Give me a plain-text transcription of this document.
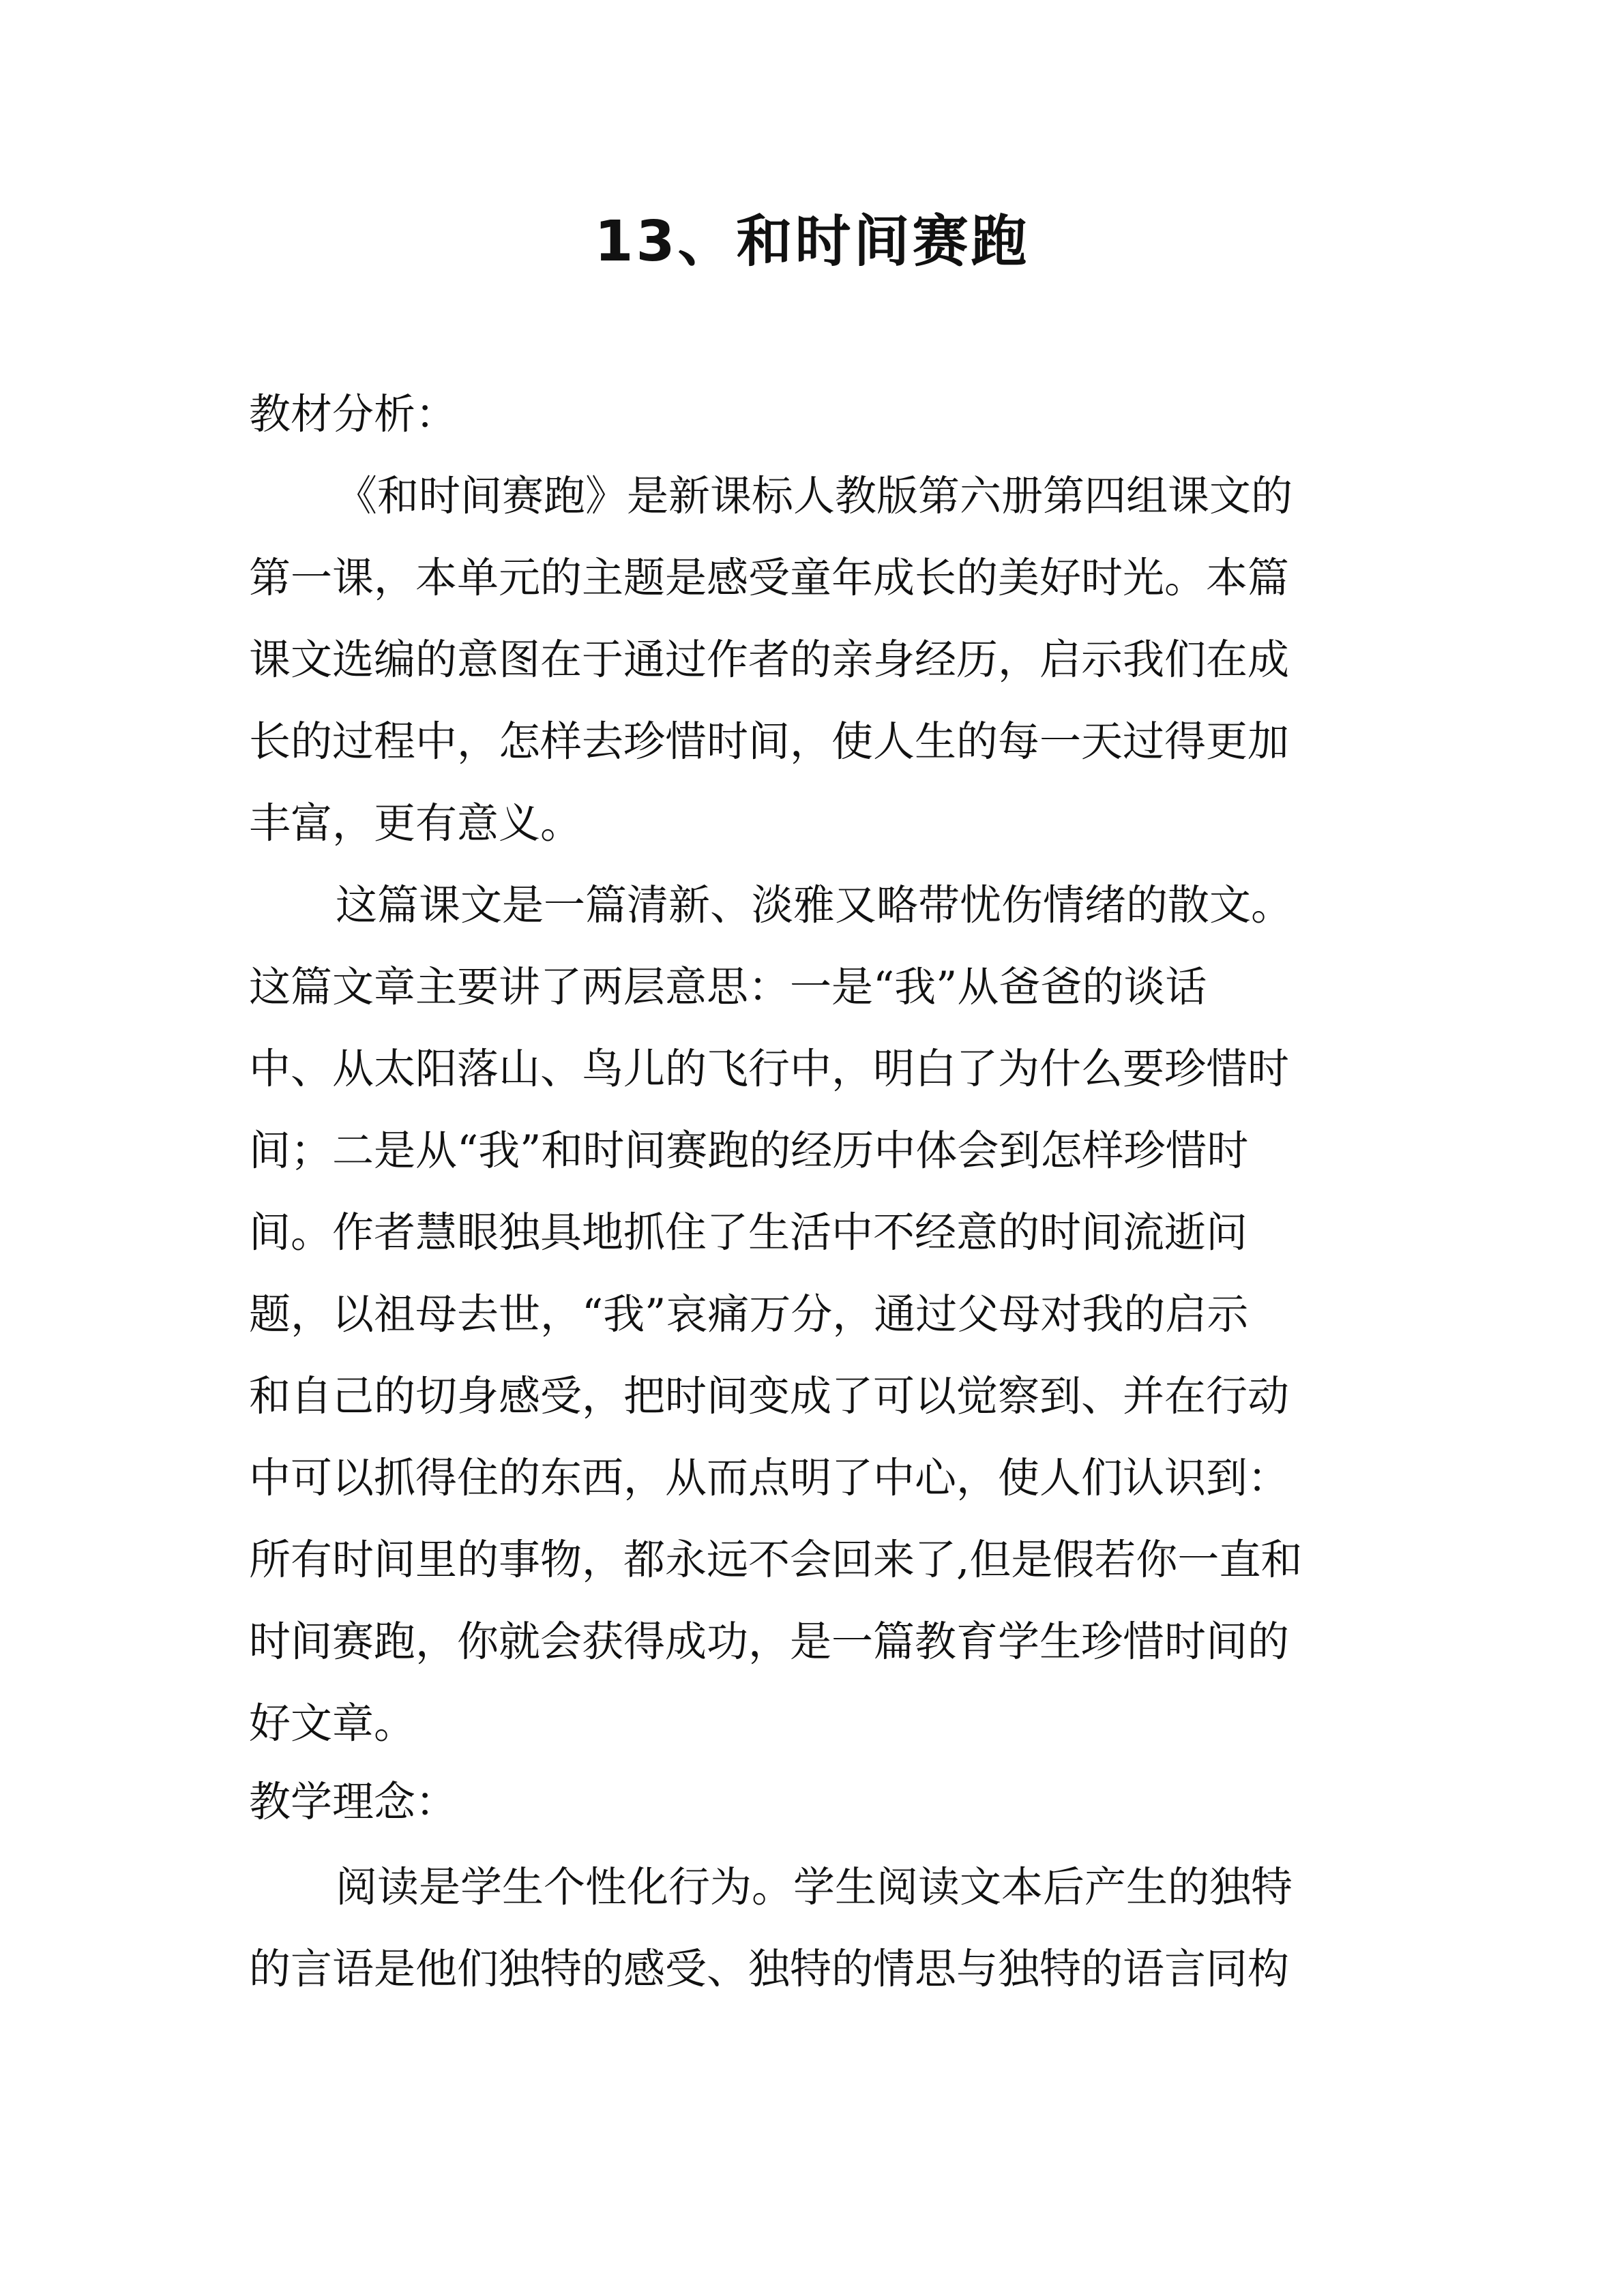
13、和时间赛跑
教材分析：
《和时间赛跑》是新课标人教版第六册第四组课文的
第一课，本单元的主题是感受童年成长的美好时光。本篇
课文选编的意图在于通过作者的亲身经历，启示我们在成
长的过程中，怎样去珍惜时间，使人生的每一天过得更加
丰富，更有意义。
这篇课文是一篇清新、淡雅又略带忧伤情绪的散文。
这篇文章主要讲了两层意思：一是“我”从爸爸的谈话
中、从太阳落山、鸟儿的飞行中，明白了为什么要珍惜时
间；二是从“我”和时间赛跑的经历中体会到怎样珍惜时
间。作者慧眼独具地抓住了生活中不经意的时间流逝问
题，以祖母去世，“我”哀痛万分，通过父母对我的启示
和自己的切身感受，把时间变成了可以觉察到、并在行动
中可以抓得住的东西，从而点明了中心，使人们认识到：
所有时间里的事物，都永远不会回来了,但是假若你一直和
时间赛跑，你就会获得成功，是一篇教育学生珍惜时间的
好文章。
教学理念：
阅读是学生个性化行为。学生阅读文本后产生的独特
的言语是他们独特的感受、独特的情思与独特的语言同构
